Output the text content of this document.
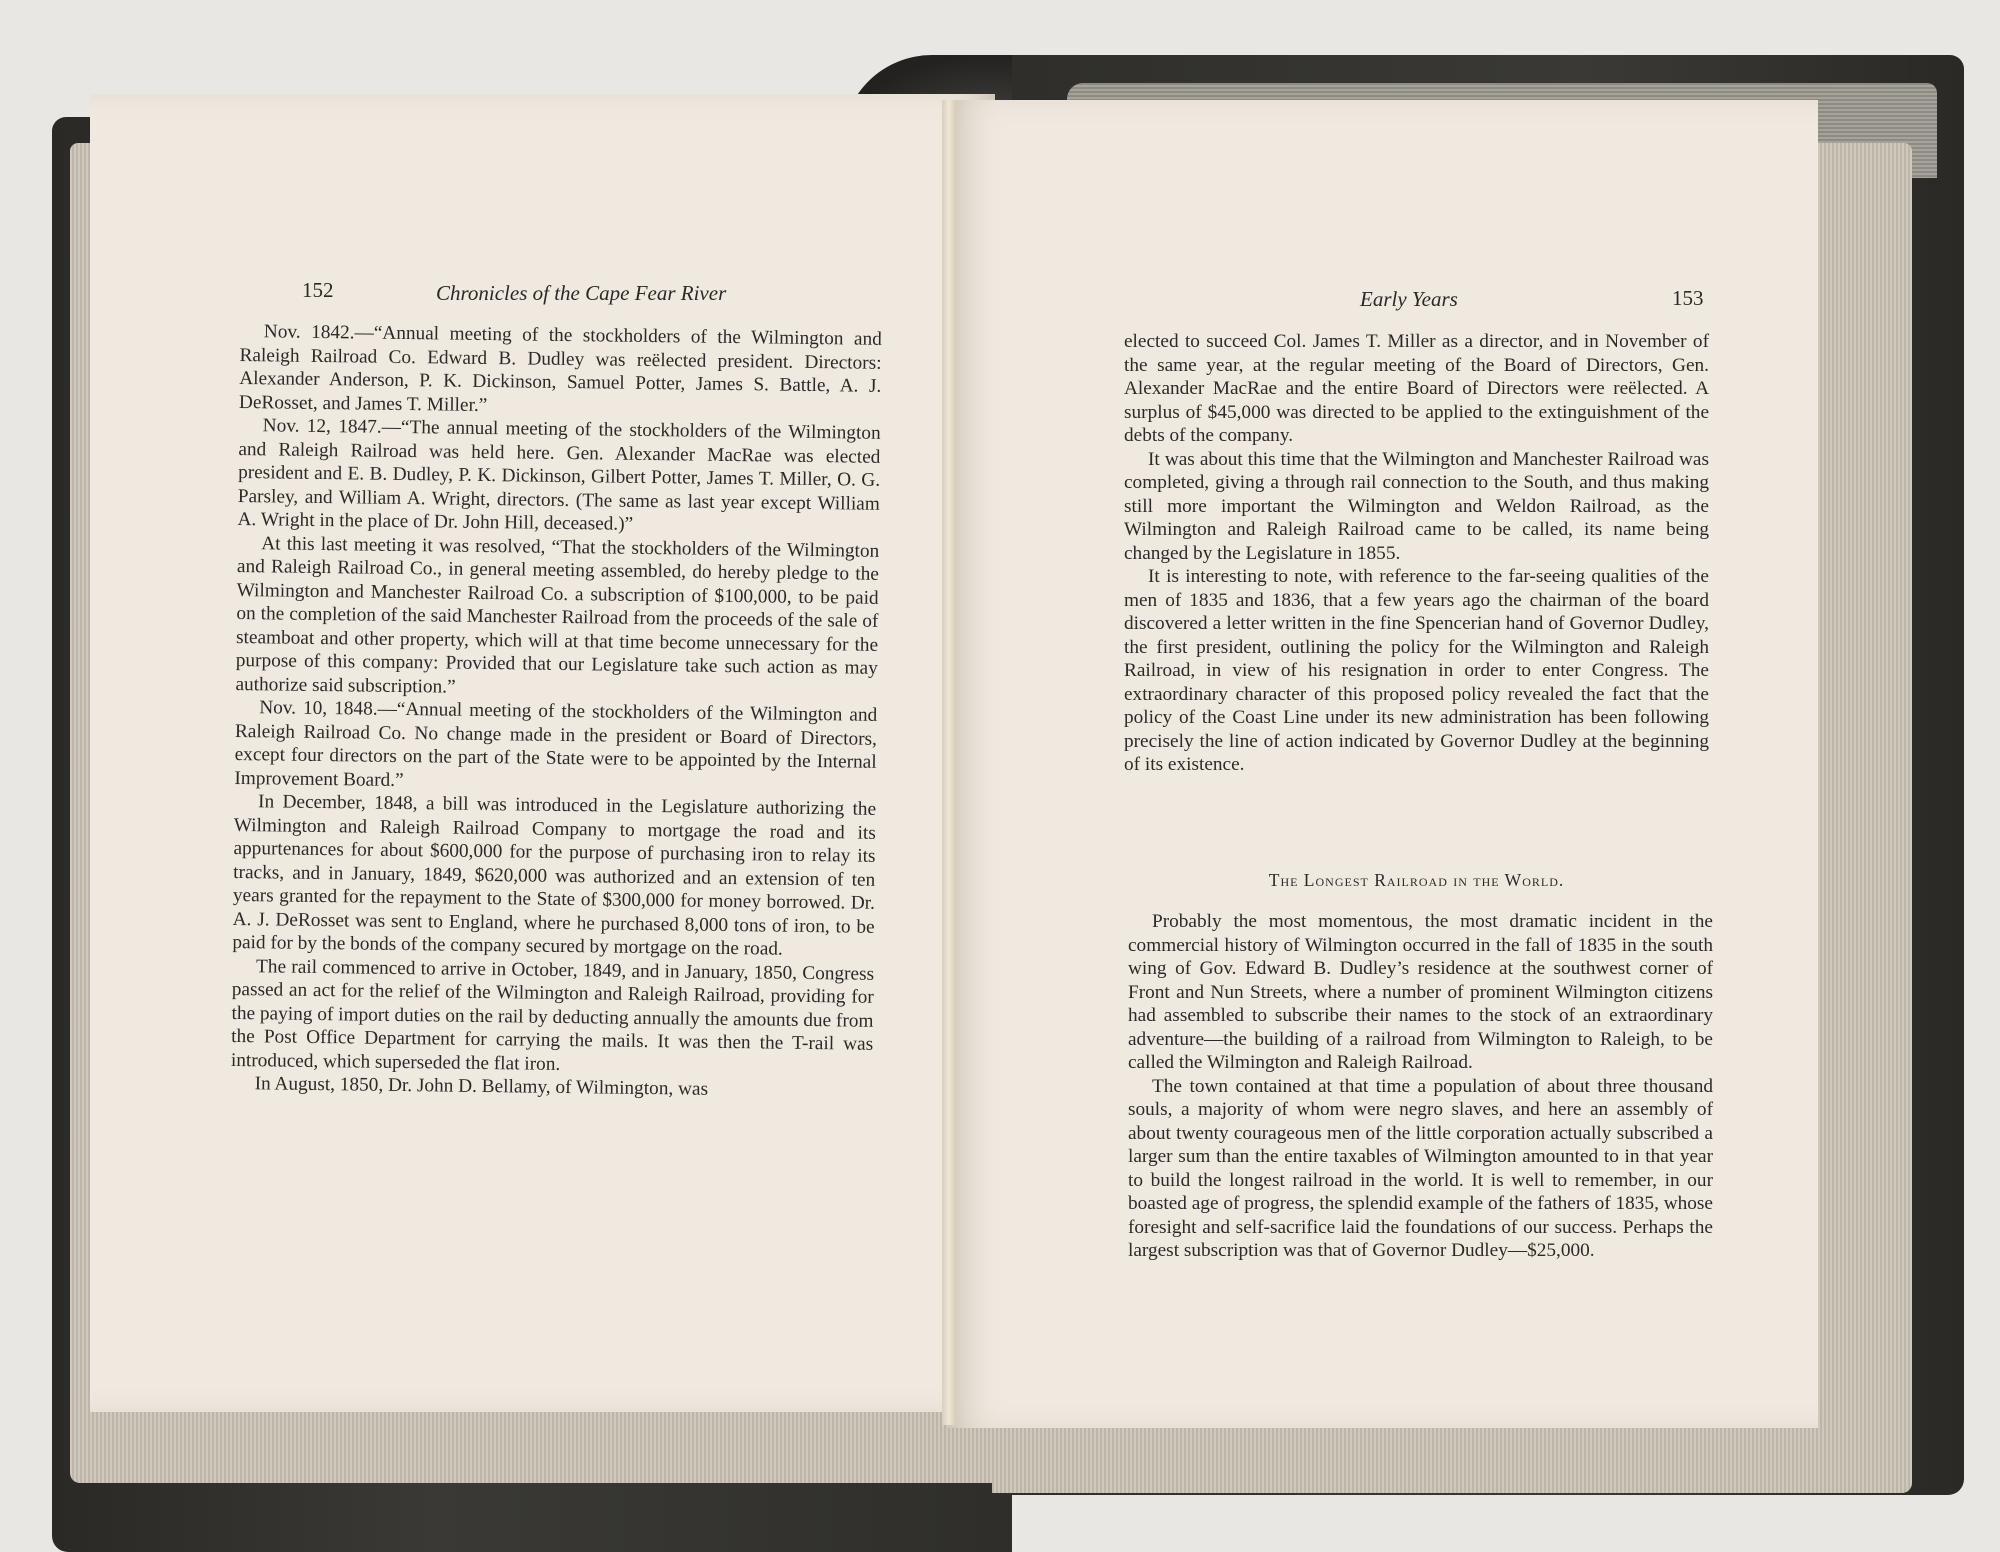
152	Chronicles of the Cape Fear River

Nov. 1842.—“Annual meeting of the stockholders of the Wilmington and Raleigh Railroad Co. Edward B. Dudley was reëlected president. Directors: Alexander Anderson, P. K. Dickinson, Samuel Potter, James S. Battle, A. J. DeRosset, and James T. Miller.”

Nov. 12, 1847.—“The annual meeting of the stockholders of the Wilmington and Raleigh Railroad was held here. Gen. Alexander MacRae was elected president and E. B. Dudley, P. K. Dickinson, Gilbert Potter, James T. Miller, O. G. Parsley, and William A. Wright, directors. (The same as last year except William A. Wright in the place of Dr. John Hill, deceased.)”

At this last meeting it was resolved, “That the stockholders of the Wilmington and Raleigh Railroad Co., in general meeting assembled, do hereby pledge to the Wilmington and Manchester Railroad Co. a subscription of $100,000, to be paid on the completion of the said Manchester Railroad from the proceeds of the sale of steamboat and other property, which will at that time become unnecessary for the purpose of this company: Provided that our Legislature take such action as may authorize said subscription.”

Nov. 10, 1848.—“Annual meeting of the stockholders of the Wilmington and Raleigh Railroad Co. No change made in the president or Board of Directors, except four directors on the part of the State were to be appointed by the Internal Improvement Board.”

In December, 1848, a bill was introduced in the Legislature authorizing the Wilmington and Raleigh Railroad Company to mortgage the road and its appurtenances for about $600,000 for the purpose of purchasing iron to relay its tracks, and in January, 1849, $620,000 was authorized and an extension of ten years granted for the repayment to the State of $300,000 for money borrowed. Dr. A. J. DeRosset was sent to England, where he purchased 8,000 tons of iron, to be paid for by the bonds of the company secured by mortgage on the road.

The rail commenced to arrive in October, 1849, and in January, 1850, Congress passed an act for the relief of the Wilmington and Raleigh Railroad, providing for the paying of import duties on the rail by deducting annually the amounts due from the Post Office Department for carrying the mails. It was then the T-rail was introduced, which superseded the flat iron.

In August, 1850, Dr. John D. Bellamy, of Wilmington, was

Early Years	153

elected to succeed Col. James T. Miller as a director, and in November of the same year, at the regular meeting of the Board of Directors, Gen. Alexander MacRae and the entire Board of Directors were reëlected. A surplus of $45,000 was directed to be applied to the extinguishment of the debts of the company.

It was about this time that the Wilmington and Manchester Railroad was completed, giving a through rail connection to the South, and thus making still more important the Wilmington and Weldon Railroad, as the Wilmington and Raleigh Railroad came to be called, its name being changed by the Legislature in 1855.

It is interesting to note, with reference to the far-seeing qualities of the men of 1835 and 1836, that a few years ago the chairman of the board discovered a letter written in the fine Spencerian hand of Governor Dudley, the first president, outlining the policy for the Wilmington and Raleigh Railroad, in view of his resignation in order to enter Congress. The extraordinary character of this proposed policy revealed the fact that the policy of the Coast Line under its new administration has been following precisely the line of action indicated by Governor Dudley at the beginning of its existence.

The Longest Railroad in the World.

Probably the most momentous, the most dramatic incident in the commercial history of Wilmington occurred in the fall of 1835 in the south wing of Gov. Edward B. Dudley’s residence at the southwest corner of Front and Nun Streets, where a number of prominent Wilmington citizens had assembled to subscribe their names to the stock of an extraordinary adventure—the building of a railroad from Wilmington to Raleigh, to be called the Wilmington and Raleigh Railroad.

The town contained at that time a population of about three thousand souls, a majority of whom were negro slaves, and here an assembly of about twenty courageous men of the little corporation actually subscribed a larger sum than the entire taxables of Wilmington amounted to in that year to build the longest railroad in the world. It is well to remember, in our boasted age of progress, the splendid example of the fathers of 1835, whose foresight and self-sacrifice laid the foundations of our success. Perhaps the largest subscription was that of Governor Dudley—$25,000.
